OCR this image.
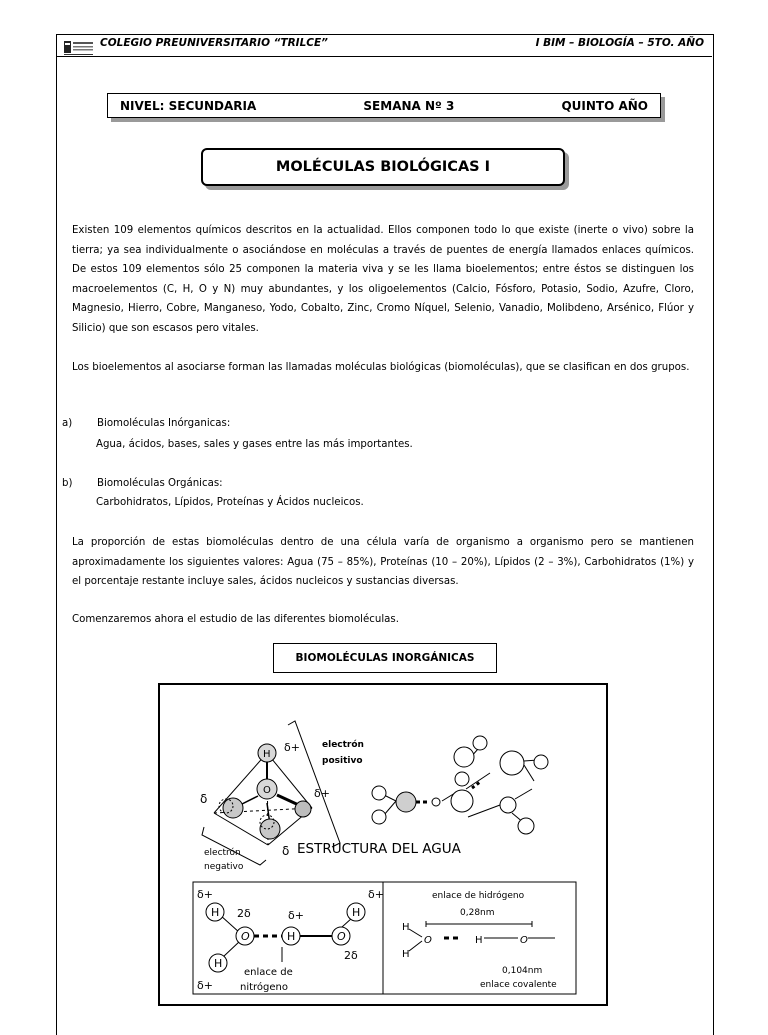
COLEGIO PREUNIVERSITARIO “TRILCE”	I BIM – BIOLOGÍA – 5TO. AÑO
NIVEL: SECUNDARIA	SEMANA Nº 3	QUINTO AÑO
MOLÉCULAS BIOLÓGICAS I
Existen 109 elementos químicos descritos en la actualidad. Ellos componen todo lo que existe (inerte o vivo) sobre la tierra; ya sea individualmente o asociándose en moléculas a través de puentes de energía llamados enlaces químicos. De estos 109 elementos sólo 25 componen la materia viva y se les llama bioelementos; entre éstos se distinguen los macroelementos (C, H, O y N) muy abundantes, y los oligoelementos (Calcio, Fósforo, Potasio, Sodio, Azufre, Cloro, Magnesio, Hierro, Cobre, Manganeso, Yodo, Cobalto, Zinc, Cromo Níquel, Selenio, Vanadio, Molibdeno, Arsénico, Flúor y Silicio) que son escasos pero vitales.
Los bioelementos al asociarse forman las llamadas moléculas biológicas (biomoléculas), que se clasifican en dos grupos.
a) Biomoléculas Inórganicas:
Agua, ácidos, bases, sales y gases entre las más importantes.
b) Biomoléculas Orgánicas:
Carbohidratos, Lípidos, Proteínas y Ácidos nucleicos.
La proporción de estas biomoléculas dentro de una célula varía de organismo a organismo pero se mantienen aproximadamente los siguientes valores: Agua (75 – 85%), Proteínas (10 – 20%), Lípidos (2 – 3%), Carbohidratos (1%) y el porcentaje restante incluye sales, ácidos nucleicos y sustancias diversas.
Comenzaremos ahora el estudio de las diferentes biomoléculas.
BIOMOLÉCULAS INORGÁNICAS
H
O
δ+
δ+
δ
δ
electrón
positivo
electrón
negativo
ESTRUCTURA DEL AGUA
δ+	δ+
2δ	δ+
2δ
δ+
H
O	H	O
H
H
enlace de
nitrógeno
enlace de hidrógeno
0,28nm
H
H
O	H	O
0,104nm
enlace covalente
